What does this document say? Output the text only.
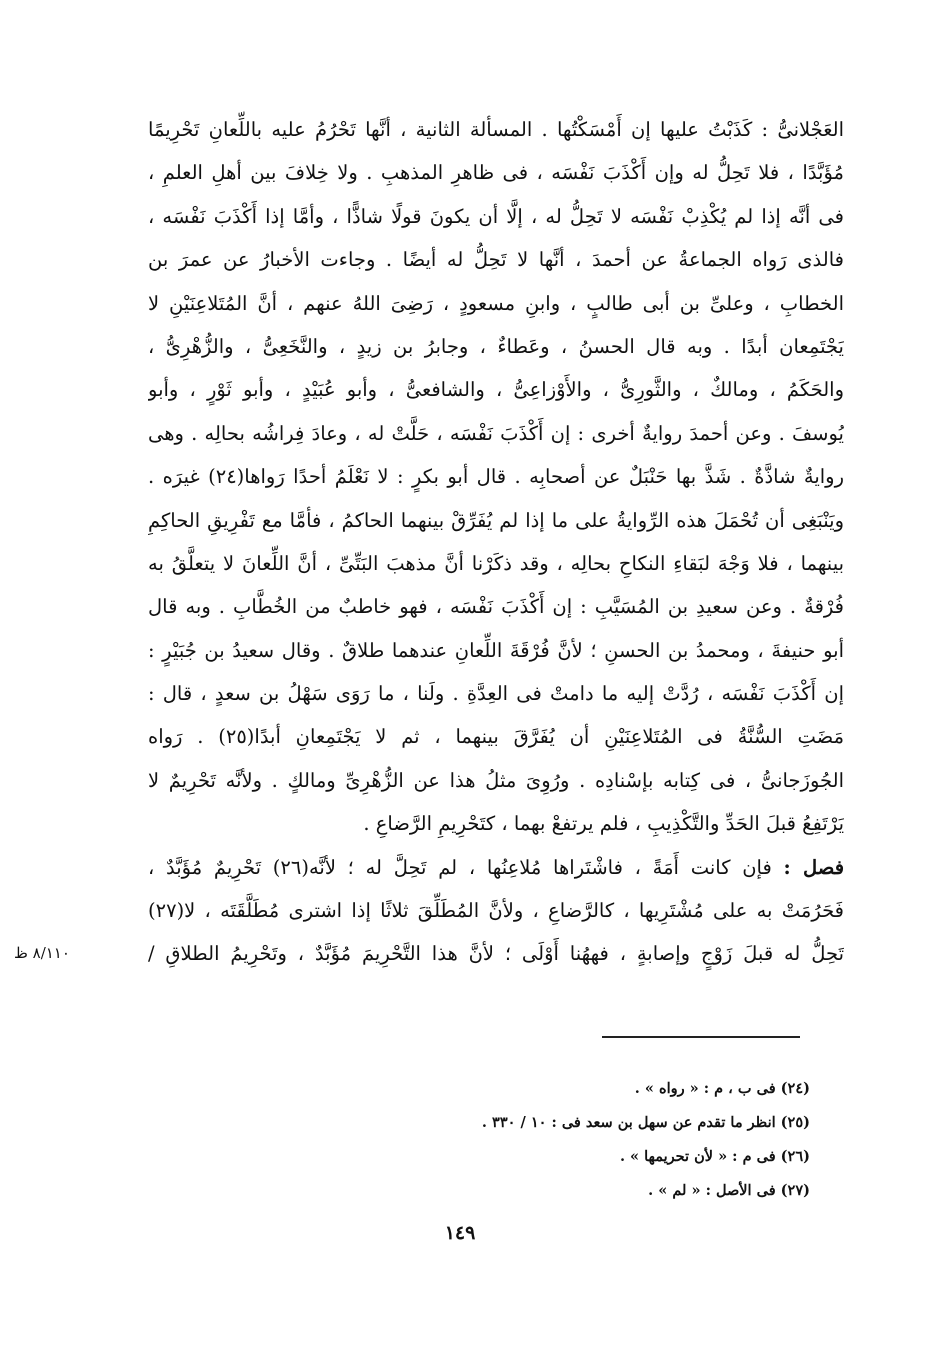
العَجْلانىُّ : كَذَبْتُ عليها إن أَمْسَكْتُها . المسألة الثانية ، أنَّها تَحْرُمُ عليه باللِّعانِ تَحْرِيمًا
مُؤَبَّدًا ، فلا تَحِلُّ له وإن أَكْذَبَ نَفْسَه ، فى ظاهرِ المذهبِ . ولا خِلافَ بين أهلِ العلمِ ،
فى أنَّه إذا لم يُكْذِبْ نَفْسَه لا تَحِلُّ له ، إلَّا أن يكونَ قولًا شاذًّا ، وأمَّا إذا أَكْذَبَ نَفْسَه ،
فالذى رَواه الجماعةُ عن أحمدَ ، أنَّها لا تَحِلُّ له أيضًا . وجاءت الأخبارُ عن عمرَ بن
الخطابِ ، وعلىِّ بن أبى طالبٍ ، وابنِ مسعودٍ ، رَضِىَ اللهُ عنهم ، أنَّ المُتَلاعِنَيْنِ لا
يَجْتَمِعان أبدًا . وبه قال الحسنُ ، وعَطاءٌ ، وجابرُ بن زيدٍ ، والنَّخَعِىُّ ، والزُّهْرِىُّ ،
والحَكَمُ ، ومالكٌ ، والثَّورِىُّ ، والأَوْزاعِىُّ ، والشافعىُّ ، وأبو عُبَيْدٍ ، وأبو ثَوْرٍ ، وأبو
يُوسفَ . وعن أحمدَ روايةٌ أخرى : إن أَكْذَبَ نَفْسَه ، حَلَّتْ له ، وعادَ فِراشُه بحالِه . وهى
روايةٌ شاذَّةٌ . شَذَّ بها حَنْبَلٌ عن أصحابِه . قال أبو بكرٍ : لا نَعْلَمُ أحدًا رَواها(٢٤) غيرَه .
ويَنْبَغِى أن تُحْمَلَ هذه الرِّوايةُ على ما إذا لم يُفَرِّقْ بينهما الحاكمُ ، فأمَّا مع تَفْرِيقِ الحاكِمِ
بينهما ، فلا وَجْهَ لبَقاءِ النكاحِ بحالِه ، وقد ذكَرْنا أنَّ مذهبَ البَتِّىِّ ، أنَّ اللِّعانَ لا يتعلَّقُ به
فُرْقةٌ . وعن سعيدِ بن المُسَيَّبِ : إن أَكْذَبَ نَفْسَه ، فهو خاطبٌ من الخُطَّابِ . وبه قال
أبو حنيفةَ ، ومحمدُ بن الحسنِ ؛ لأنَّ فُرْقَةَ اللِّعانِ عندهما طلاقٌ . وقال سعيدُ بن جُبَيْرٍ :
إن أَكْذَبَ نَفْسَه ، رُدَّتْ إليه ما دامتْ فى العِدَّةِ . ولَنا ، ما رَوَى سَهْلُ بن سعدٍ ، قال :
مَضَتِ السُّنَّةُ فى المُتَلاعِنَيْنِ أن يُفَرَّقَ بينهما ، ثم لا يَجْتَمِعانِ أبدًا(٢٥) . رَواه
الجُوزَجانىُّ ، فى كِتابه بإسْنادِه . ورُوِىَ مثلُ هذا عن الزُّهْرِىِّ ومالكٍ . ولأنَّه تَحْرِيمٌ لا
يَرْتَفِعُ قبلَ الحَدِّ والتَّكْذِيبِ ، فلم يرتفعْ بهما ، كتَحْرِيمِ الرَّضاعِ .
فصل : فإن كانت أَمَةً ، فاشْتَراها مُلاعِنُها ، لم تَحِلَّ له ؛ لأنَّه(٢٦) تَحْرِيمٌ مُؤَبَّدٌ ،
فَحَرُمَتْ به على مُشْتَرِيها ، كالرَّضاعِ ، ولأنَّ المُطَلِّقَ ثلاثًا إذا اشترى مُطَلَّقَتَه ، لا(٢٧)
تَحِلُّ له قبلَ زَوْجٍ وإصابةٍ ، فههُنا أَوْلَى ؛ لأنَّ هذا التَّحْرِيمَ مُؤَبَّدٌ ، وتَحْرِيمُ الطلاقِ /
٨/١١٠ ظ
(٢٤) فى ب ، م : « رواه » .
(٢٥) انظر ما تقدم عن سهل بن سعد فى : ١٠ / ٣٣٠ .
(٢٦) فى م : « لأن تحريمها » .
(٢٧) فى الأصل : « لم » .
١٤٩
